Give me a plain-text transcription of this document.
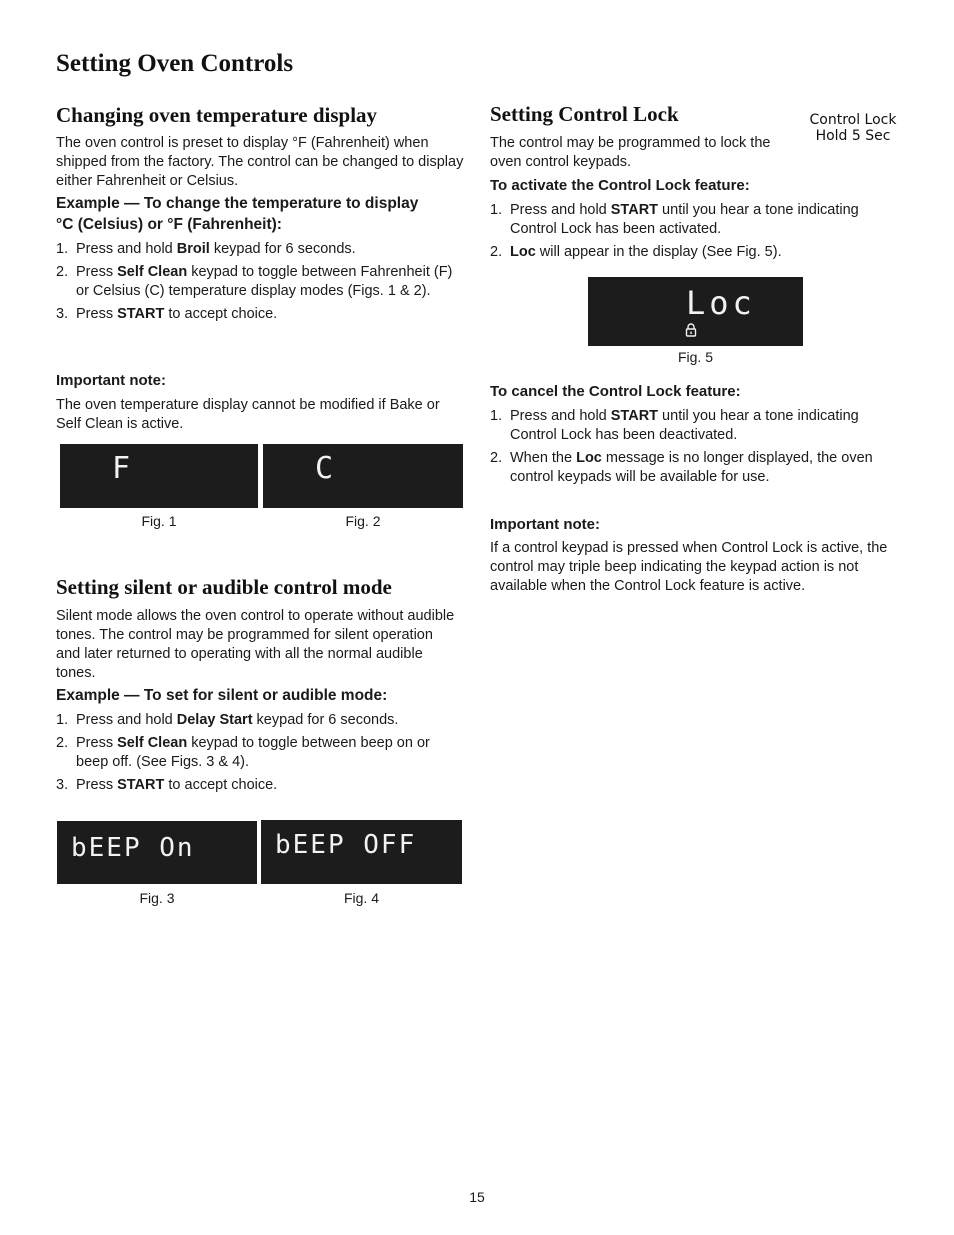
Setting Oven Controls
Changing oven temperature display

The oven control is preset to display °F (Fahrenheit) when shipped from the factory. The control can be changed to display either Fahrenheit or Celsius.

Example — To change the temperature to display
°C (Celsius) or °F (Fahrenheit):

1. Press and hold Broil keypad for 6 seconds.
2. Press Self Clean keypad to toggle between Fahrenheit (F) or Celsius (C) temperature display modes (Figs. 1 & 2).
3. Press START to accept choice.

Important note:

The oven temperature display cannot be modified if Bake or Self Clean is active.

F	C
Fig. 1	Fig. 2
Setting silent or audible control mode

Silent mode allows the oven control to operate without audible tones. The control may be programmed for silent operation and later returned to operating with all the normal audible tones.

Example — To set for silent or audible mode:

1. Press and hold Delay Start keypad for 6 seconds.
2. Press Self Clean keypad to toggle between beep on or beep off. (See Figs. 3 & 4).
3. Press START to accept choice.
bEEP On	bEEP OFF
Fig. 3	Fig. 4
Setting Control Lock	Control Lock
Hold 5 Sec

The control may be programmed to lock the oven control keypads.

To activate the Control Lock feature:

1. Press and hold START until you hear a tone indicating Control Lock has been activated.
2. Loc will appear in the display (See Fig. 5).
Loc
Fig. 5

To cancel the Control Lock feature:

1. Press and hold START until you hear a tone indicating Control Lock has been deactivated.
2. When the Loc message is no longer displayed, the oven control keypads will be available for use.

Important note:

If a control keypad is pressed when Control Lock is active, the control may triple beep indicating the keypad action is not available when the Control Lock feature is active.

15
